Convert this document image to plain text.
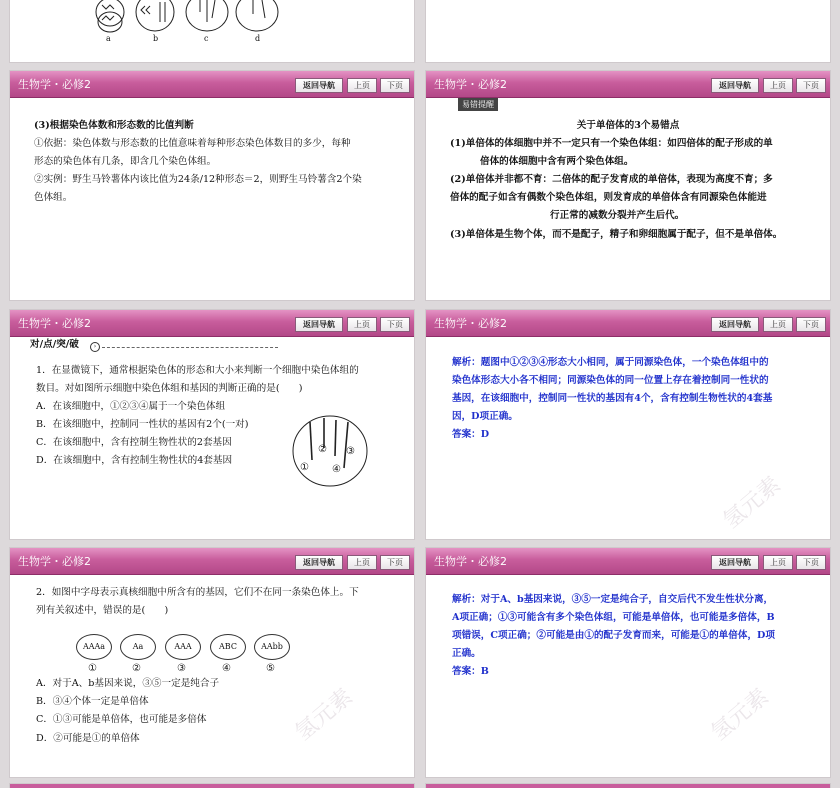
a	b	c	d
生物学・必修2	返回导航	上页	下页
(3)根据染色体数和形态数的比值判断
①依据：染色体数与形态数的比值意味着每种形态染色体数目的多少，每种
形态的染色体有几条，即含几个染色体组。
②实例：野生马铃薯体内该比值为24条/12种形态＝2，则野生马铃薯含2个染
色体组。
生物学・必修2	返回导航	上页	下页
易错提醒
关于单倍体的3个易错点
(1)单倍体的体细胞中并不一定只有一个染色体组：如四倍体的配子形成的单
倍体的体细胞中含有两个染色体组。
(2)单倍体并非都不育：二倍体的配子发育成的单倍体，表现为高度不育；多
倍体的配子如含有偶数个染色体组，则发育成的单倍体含有同源染色体能进
行正常的减数分裂并产生后代。
(3)单倍体是生物个体，而不是配子，精子和卵细胞属于配子，但不是单倍体。
生物学・必修2	返回导航	上页	下页
对/点/突/破	›
1．在显微镜下，通常根据染色体的形态和大小来判断一个细胞中染色体组的
数目。对如图所示细胞中染色体组和基因的判断正确的是(　　)
A．在该细胞中，①②③④属于一个染色体组
B．在该细胞中，控制同一性状的基因有2个(一对)
C．在该细胞中，含有控制生物性状的2套基因
D．在该细胞中，含有控制生物性状的4套基因
①
② ③
④
生物学・必修2	返回导航	上页	下页
解析：题图中①②③④形态大小相同，属于同源染色体，一个染色体组中的
染色体形态大小各不相同；同源染色体的同一位置上存在着控制同一性状的
基因，在该细胞中，控制同一性状的基因有4个，含有控制生物性状的4套基
因，D项正确。
答案：D
氢元素
生物学・必修2	返回导航	上页	下页
2．如图中字母表示真核细胞中所含有的基因，它们不在同一条染色体上。下
列有关叙述中，错误的是(　　)
AAAa	Aa	AAA	ABC	AAbb
①	②	③	④	⑤
A．对于A、b基因来说，③⑤一定是纯合子
B．③④个体一定是单倍体
C．①③可能是单倍体，也可能是多倍体
D．②可能是①的单倍体	氢元素
生物学・必修2	返回导航	上页	下页
解析：对于A、b基因来说，③⑤一定是纯合子，自交后代不发生性状分离，
A项正确；①③可能含有多个染色体组，可能是单倍体，也可能是多倍体，B
项错误，C项正确；②可能是由①的配子发育而来，可能是①的单倍体，D项
正确。
答案：B
氢元素
